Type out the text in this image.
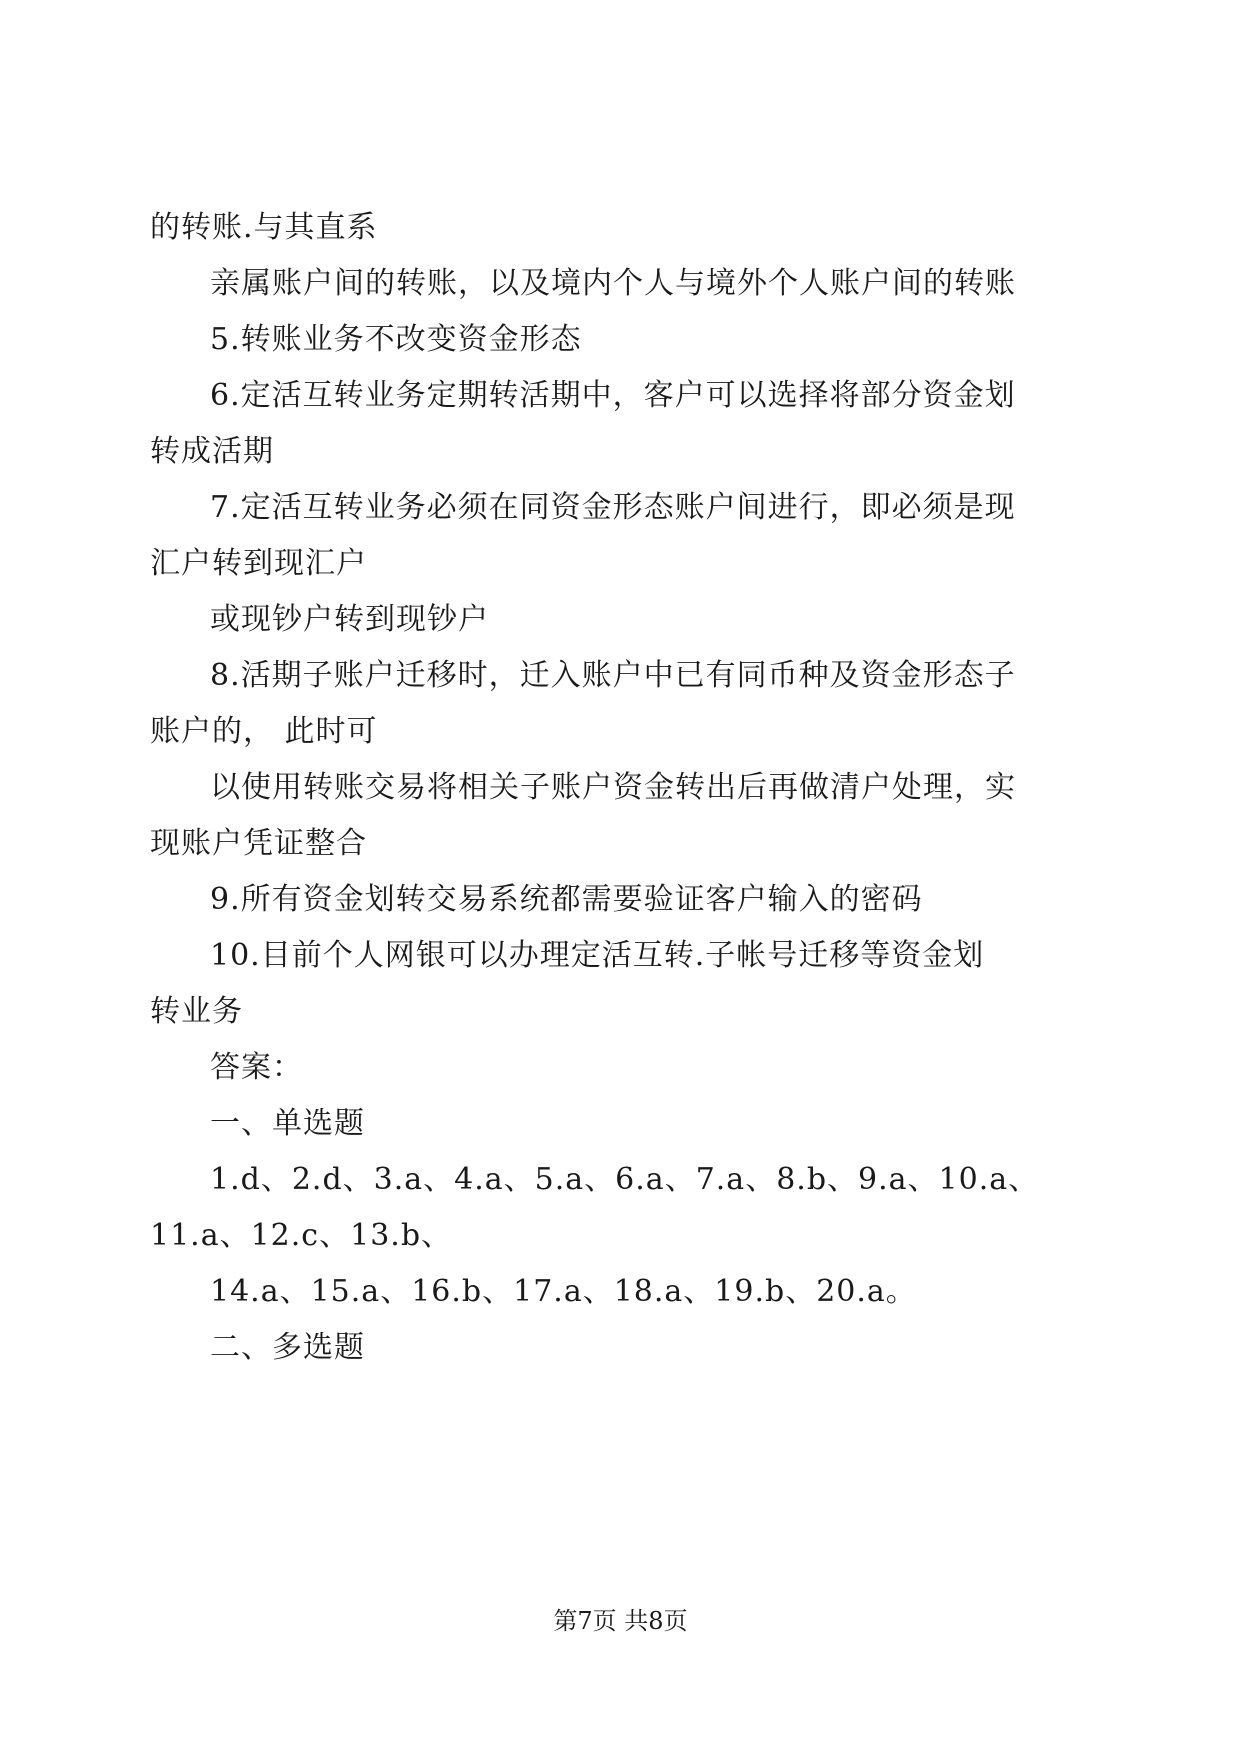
的转账.与其直系
亲属账户间的转账，以及境内个人与境外个人账户间的转账
5.转账业务不改变资金形态
6.定活互转业务定期转活期中，客户可以选择将部分资金划
转成活期
7.定活互转业务必须在同资金形态账户间进行，即必须是现
汇户转到现汇户
或现钞户转到现钞户
8.活期子账户迁移时，迁入账户中已有同币种及资金形态子
账户的， 此时可
以使用转账交易将相关子账户资金转出后再做清户处理，实
现账户凭证整合
9.所有资金划转交易系统都需要验证客户输入的密码
10.目前个人网银可以办理定活互转.子帐号迁移等资金划
转业务
答案：
一、单选题
1.d、2.d、3.a、4.a、5.a、6.a、7.a、8.b、9.a、10.a、
11.a、12.c、13.b、
14.a、15.a、16.b、17.a、18.a、19.b、20.a。
二、多选题
第7页 共8页
